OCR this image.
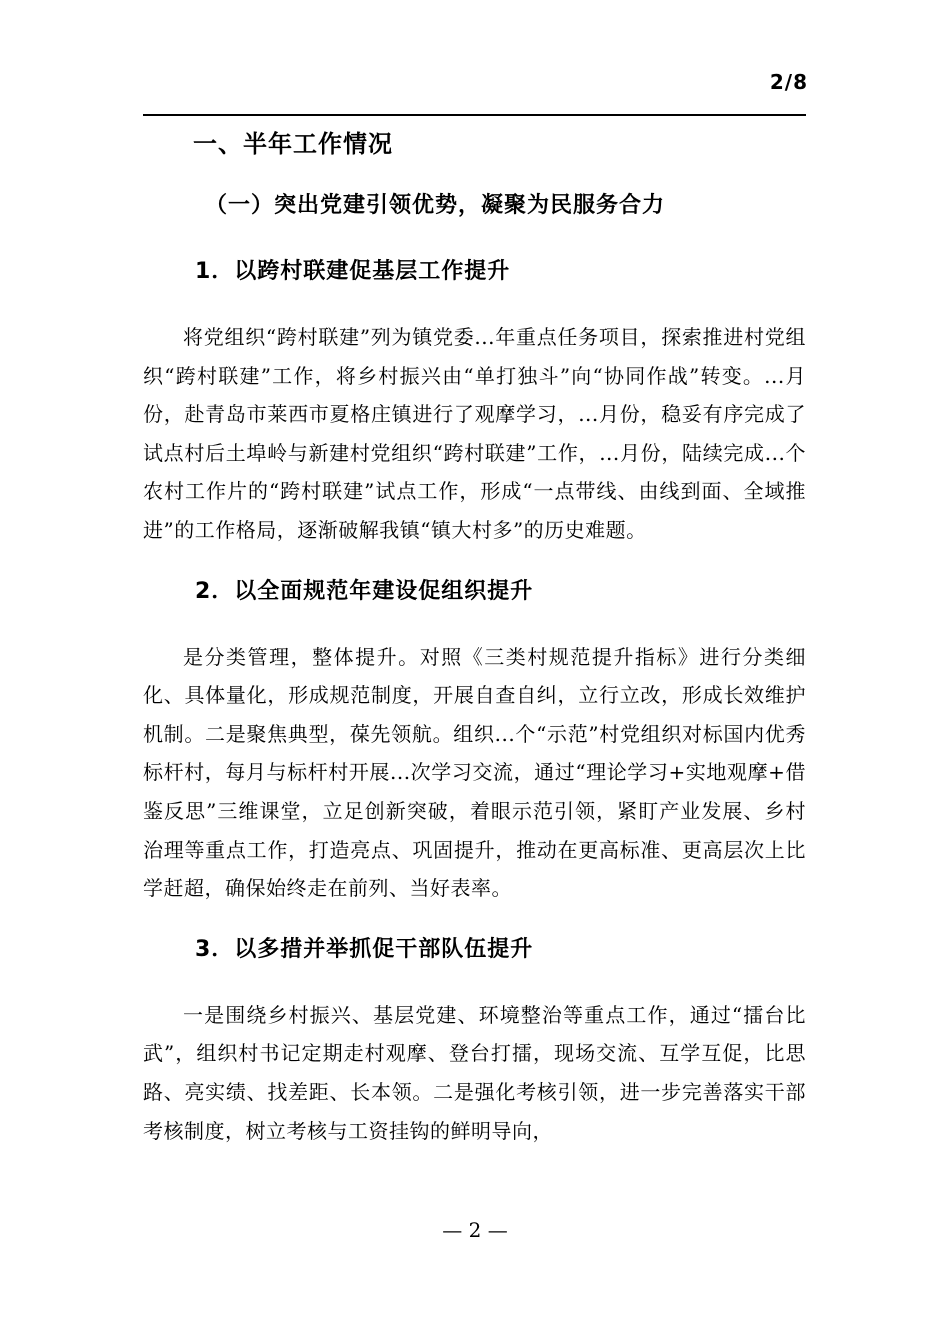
2/8
一、半年工作情况
（一）突出党建引领优势，凝聚为民服务合力
1．以跨村联建促基层工作提升

将党组织“跨村联建”列为镇党委...年重点任务项目，探索推进村党组织“跨村联建”工作，将乡村振兴由“单打独斗”向“协同作战”转变。...月份，赴青岛市莱西市夏格庄镇进行了观摩学习，...月份，稳妥有序完成了试点村后土埠岭与新建村党组织“跨村联建”工作，...月份，陆续完成...个农村工作片的“跨村联建”试点工作，形成“一点带线、由线到面、全域推进”的工作格局，逐渐破解我镇“镇大村多”的历史难题。

2．以全面规范年建设促组织提升

是分类管理，整体提升。对照《三类村规范提升指标》进行分类细化、具体量化，形成规范制度，开展自查自纠，立行立改，形成长效维护机制。二是聚焦典型，葆先领航。组织...个“示范”村党组织对标国内优秀标杆村，每月与标杆村开展...次学习交流，通过“理论学习+实地观摩+借鉴反思”三维课堂，立足创新突破，着眼示范引领，紧盯产业发展、乡村治理等重点工作，打造亮点、巩固提升，推动在更高标准、更高层次上比学赶超，确保始终走在前列、当好表率。

3．以多措并举抓促干部队伍提升

一是围绕乡村振兴、基层党建、环境整治等重点工作，通过“擂台比武”，组织村书记定期走村观摩、登台打擂，现场交流、互学互促，比思路、亮实绩、找差距、长本领。二是强化考核引领，进一步完善落实干部考核制度，树立考核与工资挂钩的鲜明导向，

— 2 —
